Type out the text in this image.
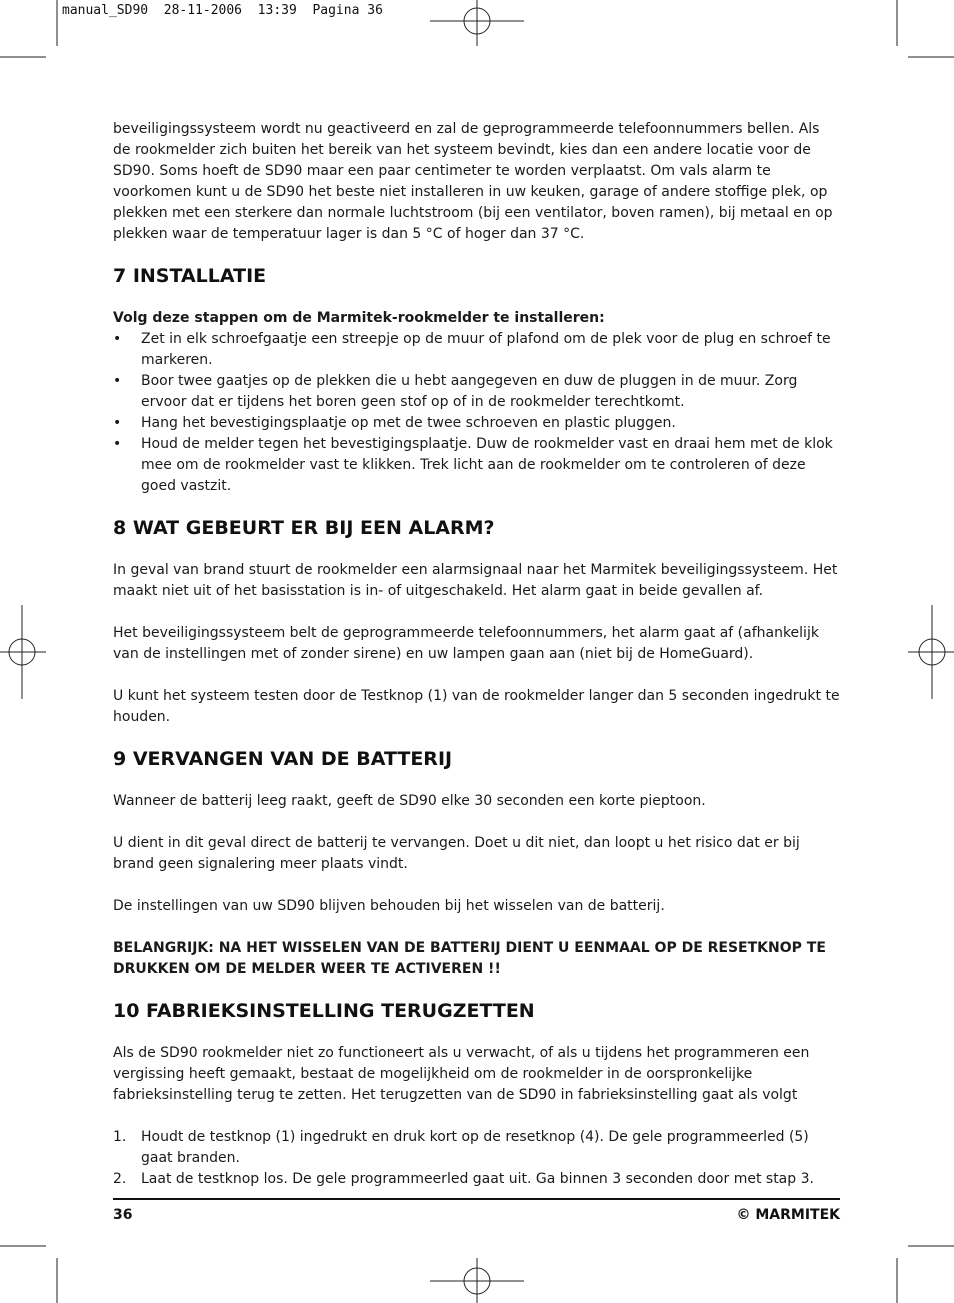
manual_SD90  28-11-2006  13:39  Pagina 36

beveiligingssysteem wordt nu geactiveerd en zal de geprogrammeerde telefoonnummers bellen. Als de rookmelder zich buiten het bereik van het systeem bevindt, kies dan een andere locatie voor de SD90. Soms hoeft de SD90 maar een paar centimeter te worden verplaatst. Om vals alarm te voorkomen kunt u de SD90 het beste niet installeren in uw keuken, garage of andere stoffige plek, op plekken met een sterkere dan normale luchtstroom (bij een ventilator, boven ramen), bij metaal en op plekken waar de temperatuur lager is dan 5 °C of hoger dan 37 °C.

7 INSTALLATIE

Volg deze stappen om de Marmitek-rookmelder te installeren:

• Zet in elk schroefgaatje een streepje op de muur of plafond om de plek voor de plug en schroef te markeren.
• Boor twee gaatjes op de plekken die u hebt aangegeven en duw de pluggen in de muur. Zorg ervoor dat er tijdens het boren geen stof op of in de rookmelder terechtkomt.
• Hang het bevestigingsplaatje op met de twee schroeven en plastic pluggen.
• Houd de melder tegen het bevestigingsplaatje. Duw de rookmelder vast en draai hem met de klok mee om de rookmelder vast te klikken. Trek licht aan de rookmelder om te controleren of deze goed vastzit.
8 WAT GEBEURT ER BIJ EEN ALARM?

In geval van brand stuurt de rookmelder een alarmsignaal naar het Marmitek beveiligingssysteem. Het maakt niet uit of het basisstation is in- of uitgeschakeld. Het alarm gaat in beide gevallen af.

Het beveiligingssysteem belt de geprogrammeerde telefoonnummers, het alarm gaat af (afhankelijk van de instellingen met of zonder sirene) en uw lampen gaan aan (niet bij de HomeGuard).

U kunt het systeem testen door de Testknop (1) van de rookmelder langer dan 5 seconden ingedrukt te houden.

9 VERVANGEN VAN DE BATTERIJ

Wanneer de batterij leeg raakt, geeft de SD90 elke 30 seconden een korte pieptoon.

U dient in dit geval direct de batterij te vervangen. Doet u dit niet, dan loopt u het risico dat er bij brand geen signalering meer plaats vindt.

De instellingen van uw SD90 blijven behouden bij het wisselen van de batterij.

BELANGRIJK: NA HET WISSELEN VAN DE BATTERIJ DIENT U EENMAAL OP DE RESETKNOP TE DRUKKEN OM DE MELDER WEER TE ACTIVEREN !!

10 FABRIEKSINSTELLING TERUGZETTEN

Als de SD90 rookmelder niet zo functioneert als u verwacht, of als u tijdens het programmeren een vergissing heeft gemaakt, bestaat de mogelijkheid om de rookmelder in de oorspronkelijke fabrieksinstelling terug te zetten. Het terugzetten van de SD90 in fabrieksinstelling gaat als volgt

1. Houdt de testknop (1) ingedrukt en druk kort op de resetknop (4). De gele programmeerled (5) gaat branden.
2. Laat de testknop los. De gele programmeerled gaat uit. Ga binnen 3 seconden door met stap 3.
36	© MARMITEK
